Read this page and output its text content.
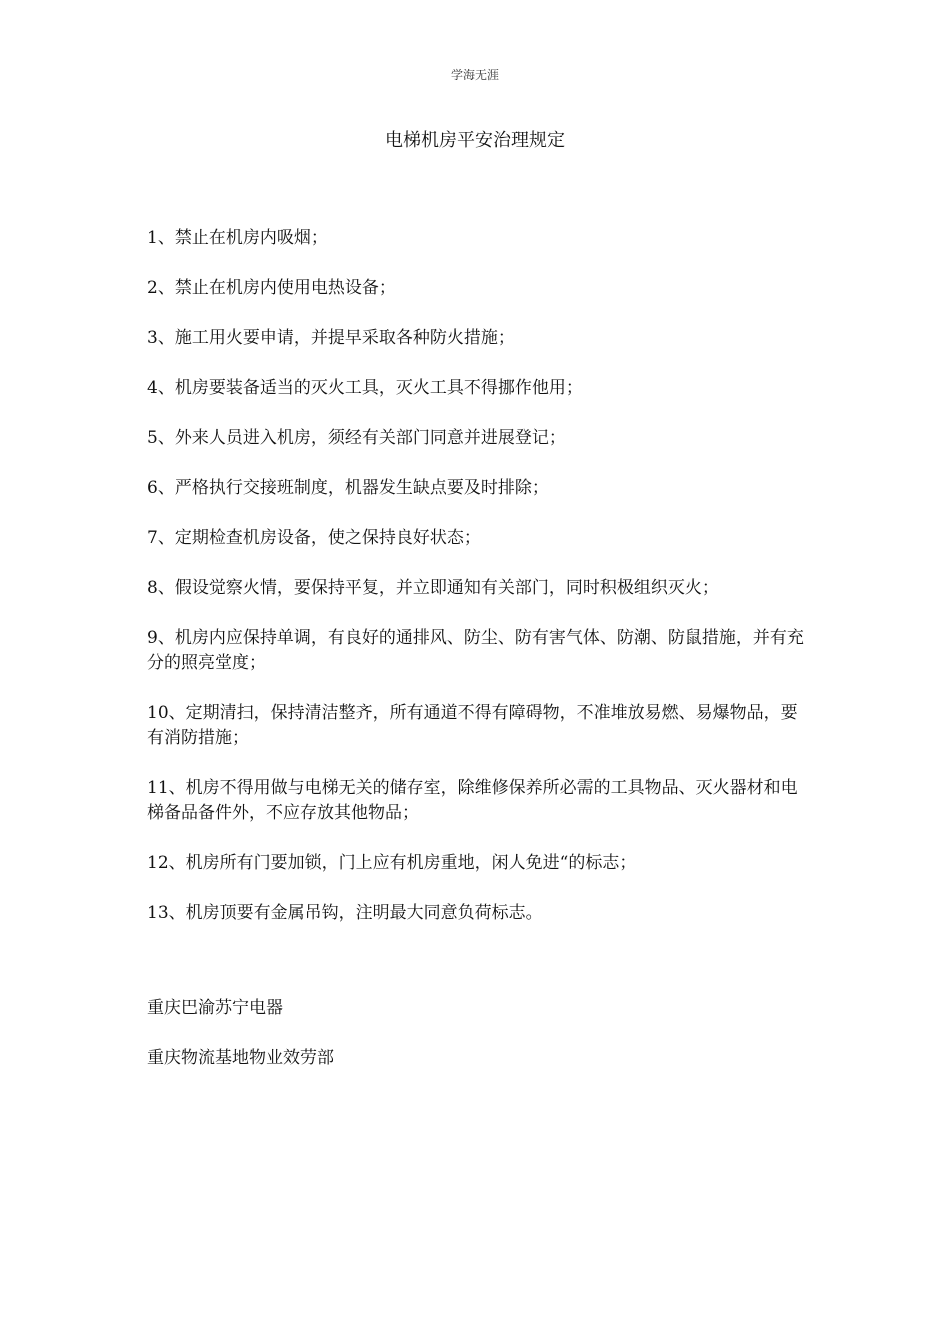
学海无涯
电梯机房平安治理规定
1、禁止在机房内吸烟；
2、禁止在机房内使用电热设备；
3、施工用火要申请，并提早采取各种防火措施；
4、机房要装备适当的灭火工具，灭火工具不得挪作他用；
5、外来人员进入机房，须经有关部门同意并进展登记；
6、严格执行交接班制度，机器发生缺点要及时排除；
7、定期检查机房设备，使之保持良好状态；
8、假设觉察火情，要保持平复，并立即通知有关部门，同时积极组织灭火；
9、机房内应保持单调，有良好的通排风、防尘、防有害气体、防潮、防鼠措施，并有充分的照亮堂度；
10、定期清扫，保持清洁整齐，所有通道不得有障碍物，不准堆放易燃、易爆物品，要有消防措施；
11、机房不得用做与电梯无关的储存室，除维修保养所必需的工具物品、灭火器材和电梯备品备件外，不应存放其他物品；
12、机房所有门要加锁，门上应有机房重地，闲人免进“的标志；
13、机房顶要有金属吊钩，注明最大同意负荷标志。
重庆巴渝苏宁电器
重庆物流基地物业效劳部
